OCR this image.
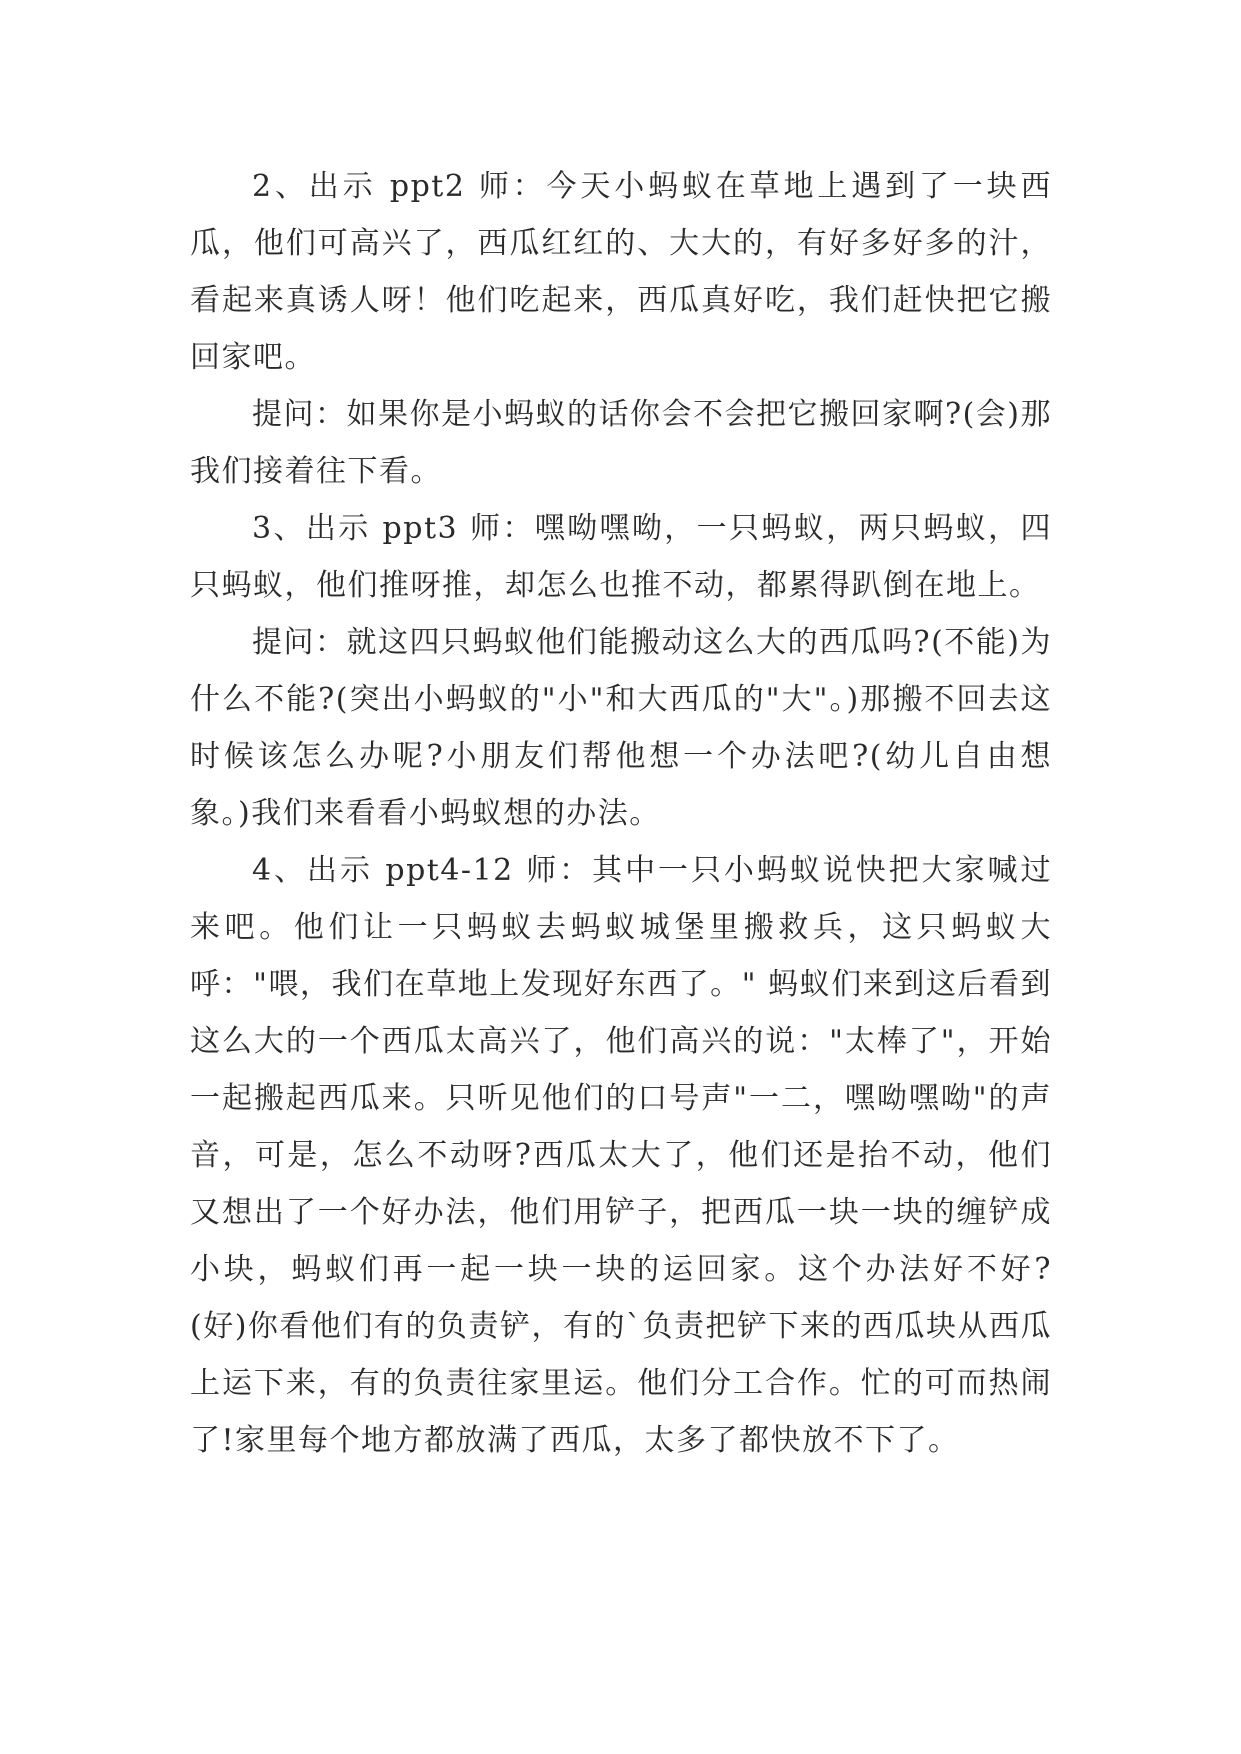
2、出示 ppt2 师：今天小蚂蚁在草地上遇到了一块西瓜，他们可高兴了，西瓜红红的、大大的，有好多好多的汁，看起来真诱人呀！他们吃起来，西瓜真好吃，我们赶快把它搬回家吧。

提问：如果你是小蚂蚁的话你会不会把它搬回家啊?(会)那我们接着往下看。

3、出示 ppt3 师：嘿呦嘿呦，一只蚂蚁，两只蚂蚁，四只蚂蚁，他们推呀推，却怎么也推不动，都累得趴倒在地上。

提问：就这四只蚂蚁他们能搬动这么大的西瓜吗?(不能)为什么不能?(突出小蚂蚁的"小"和大西瓜的"大"。)那搬不回去这时候该怎么办呢?小朋友们帮他想一个办法吧?(幼儿自由想象。)我们来看看小蚂蚁想的办法。

4、出示 ppt4-12 师：其中一只小蚂蚁说快把大家喊过来吧。他们让一只蚂蚁去蚂蚁城堡里搬救兵，这只蚂蚁大呼："喂，我们在草地上发现好东西了。" 蚂蚁们来到这后看到这么大的一个西瓜太高兴了，他们高兴的说："太棒了"，开始一起搬起西瓜来。只听见他们的口号声"一二，嘿呦嘿呦"的声音，可是，怎么不动呀?西瓜太大了，他们还是抬不动，他们又想出了一个好办法，他们用铲子，把西瓜一块一块的缠铲成小块，蚂蚁们再一起一块一块的运回家。这个办法好不好?(好)你看他们有的负责铲，有的`负责把铲下来的西瓜块从西瓜上运下来，有的负责往家里运。他们分工合作。忙的可而热闹了!家里每个地方都放满了西瓜，太多了都快放不下了。
